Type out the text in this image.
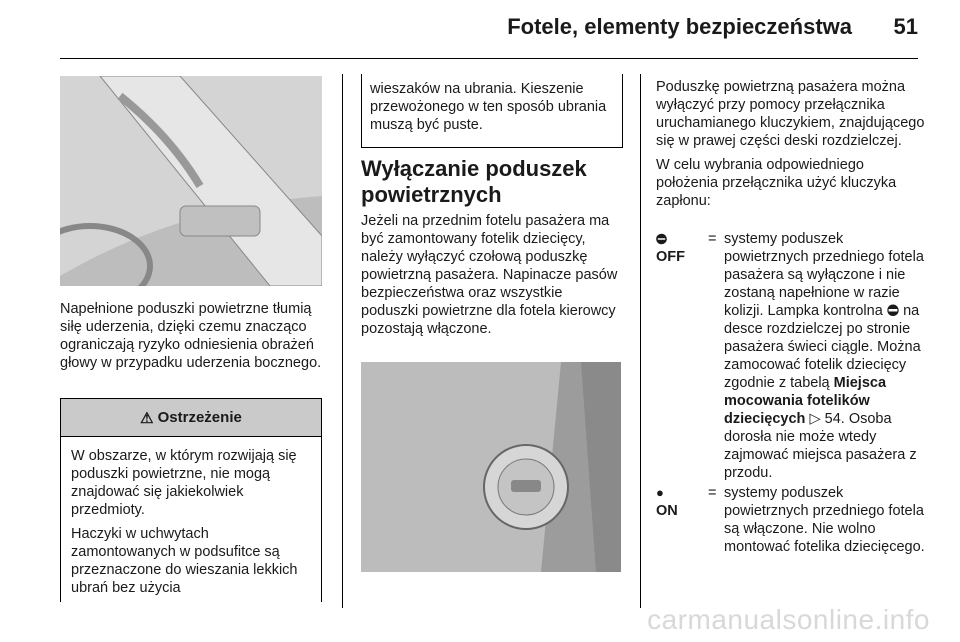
Fotele, elementy bezpieczeństwa 51

Napełnione poduszki powietrzne tłumią siłę uderzenia, dzięki czemu znacząco ograniczają ryzyko odniesienia obrażeń głowy w przypadku uderzenia bocznego.

⚠ Ostrzeżenie

W obszarze, w którym rozwijają się poduszki powietrzne, nie mogą znajdować się jakiekolwiek przedmioty.

Haczyki w uchwytach zamontowanych w podsufitce są przeznaczone do wieszania lekkich ubrań bez użycia

wieszaków na ubrania. Kieszenie przewożonego w ten sposób ubrania muszą być puste.
Wyłączanie poduszek powietrznych

Jeżeli na przednim fotelu pasażera ma być zamontowany fotelik dziecięcy, należy wyłączyć czołową poduszkę powietrzną pasażera. Napinacze pasów bezpieczeństwa oraz wszystkie poduszki powietrzne dla fotela kierowcy pozostają włączone.

Poduszkę powietrzną pasażera można wyłączyć przy pomocy przełącznika uruchamianego kluczykiem, znajdującego się w prawej części deski rozdzielczej.

W celu wybrania odpowiedniego położenia przełącznika użyć kluczyka zapłonu:

⛔︎
OFF
= systemy poduszek powietrznych przedniego fotela pasażera są wyłączone i nie zostaną napełnione w razie kolizji. Lampka kontrolna ⛔︎ na desce rozdzielczej po stronie pasażera świeci ciągle. Można zamocować fotelik dziecięcy zgodnie z tabelą Miejsca mocowania fotelików dziecięcych ▷ 54. Osoba dorosła nie może wtedy zajmować miejsca pasażera z przodu.
●
ON
= systemy poduszek powietrznych przedniego fotela są włączone. Nie wolno montować fotelika dziecięcego.
carmanualsonline.info
